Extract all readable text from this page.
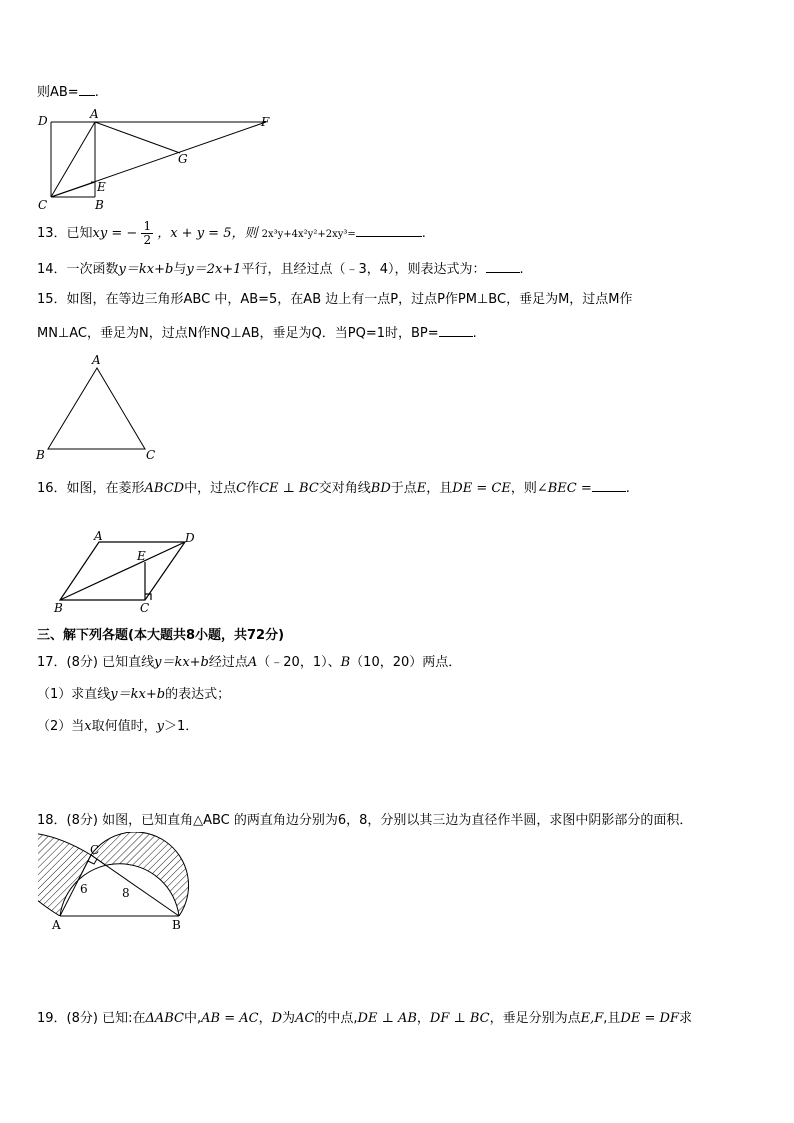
则AB= .
D	A
F
G
E
C	B
13．已知xy = − $\frac{1}{2}$ ，x + y = 5，则 2x³y+4x²y²+2xy³=	.
14．一次函数y＝kx+b与y＝2x+1平行，且经过点（﹣3，4），则表达式为：	.
15．如图，在等边三角形ABC 中，AB=5，在AB 边上有一点P，过点P作PM⊥BC，垂足为M，过点M作
MN⊥AC，垂足为N，过点N作NQ⊥AB，垂足为Q．当PQ=1时，BP=	.
A
B	C
16．如图，在菱形ABCD中，过点C作CE ⊥ BC交对角线BD于点E，且DE = CE，则∠BEC =	.
A	D
E
B	C
三、解下列各题(本大题共8小题，共72分)
17．(8分) 已知直线y＝kx+b经过点A（﹣20，1）、B（10，20）两点．
（1）求直线y＝kx+b的表达式；
（2）当x取何值时，y＞1．
18．(8分) 如图，已知直角△ABC 的两直角边分别为6，8，分别以其三边为直径作半圆，求图中阴影部分的面积．
C
6	8
A	B
19．(8分) 已知:在ΔABC中,AB = AC，D为AC的中点,DE ⊥ AB，DF ⊥ BC，垂足分别为点E,F,且DE = DF求
